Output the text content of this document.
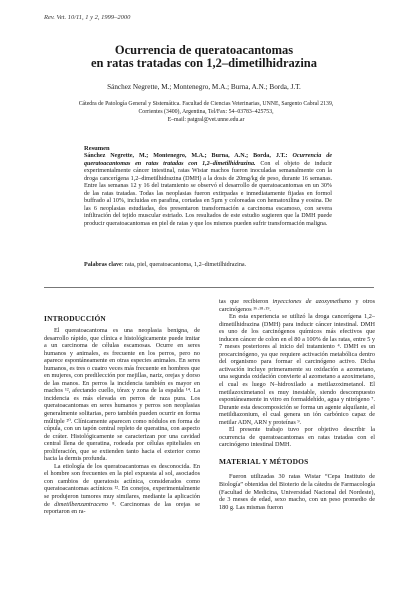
Rev. Vet. 10/11, 1 y 2, 1999–2000
Ocurrencia de queratoacantomas
en ratas tratadas con 1,2–dimetilhidrazina
Sánchez Negrette, M.; Montenegro, M.A.; Burna, A.N.; Borda, J.T.
Cátedra de Patología General y Sistemática. Facultad de Ciencias Veterinarias, UNNE, Sargento Cabral 2139,
Corrientes (3400), Argentina, Tel/Fax: 54–03783–425753,
E–mail: patgral@vet.unne.edu.ar
Resumen
Sánchez Negrette, M.; Montenegro, M.A.; Burna, A.N.; Borda, J.T.: Ocurrencia de queratoacantomas en ratas tratadas con 1,2–dimetilhidrazina. Con el objeto de inducir experimentalmente cáncer intestinal, ratas Wistar machos fueron inoculadas semanalmente con la droga cancerígena 1,2–dimetilhidrazina (DMH) a la dosis de 20mg/kg de peso, durante 16 semanas. Entre las semanas 12 y 16 del tratamiento se observó el desarrollo de queratoacantomas en un 30% de las ratas tratadas. Todas las neoplasias fueron extirpadas e inmediatamente fijadas en formol buffrado al 10%, incluidas en parafina, cortadas en 5µm y coloreadas con hematoxilina y eosina. De las 6 neoplasias estudiadas, dos presentaron transformación a carcinoma escamoso, con severa infiltración del tejido muscular estriado. Los resultados de este estudio sugieren que la DMH puede producir queratoacantomas en piel de ratas y que los mismos pueden sufrir transformación maligna.
Palabras clave: rata, piel, queratoacantoma, 1,2–dimetilhidrazina.
INTRODUCCIÓN

El queratoacantoma es una neoplasia benigna, de desarrollo rápido, que clínica e histológicamente puede imitar a un carcinoma de células escamosas. Ocurre en seres humanos y animales, es frecuente en los perros, pero no aparece espontáneamente en otras especies animales. En seres humanos, es tres o cuatro veces más frecuente en hombres que en mujeres, con predilección por mejillas, nariz, orejas y dorso de las manos. En perros la incidencia también es mayor en machos ¹², afectando cuello, tórax y zona de la espalda ¹⁴. La incidencia es más elevada en perros de raza pura. Los queratoacantomas en seres humanos y perros son neoplasias generalmente solitarias, pero también pueden ocurrir en forma múltiple ²⁰. Clínicamente aparecen como nódulos en forma de cúpula, con un tapón central repleto de queratina, con aspecto de cráter. Histológicamente se caracterizan por una cavidad central llena de queratina, rodeada por células epiteliales en proliferación, que se extienden tanto hacia el exterior como hacia la dermis profunda.

La etiología de los queratoacantomas es desconocida. En el hombre son frecuentes en la piel expuesta al sol, asociados con cambios de queratosis actínica, considerados como queratoacantomas actínicos ¹². En conejos, experimentalmente se produjeron tumores muy similares, mediante la aplicación de dimetilbenzantraceno ⁸. Carcinomas de las orejas se reportaron en ra-

tas que recibieron inyecciones de azoxymethano y otros carcinógenos ¹⁶·¹⁸·¹⁹.

En esta experiencia se utilizó la droga cancerígena 1,2–dimetilhidrazina (DMH) para inducir cáncer intestinal. DMH es uno de los carcinógenos químicos más efectivos que inducen cáncer de colon en el 80 a 100% de las ratas, entre 5 y 7 meses posteriores al inicio del tratamiento ⁴. DMH es un procarcinógeno, ya que requiere activación metabólica dentro del organismo para formar el carcinógeno activo. Dicha activación incluye primeramente su oxidación a azometano, una segunda oxidación convierte al azometano a azoximetano, el cual es luego N–hidroxilado a metilazoximetanol. El metilazoximetanol es muy inestable, siendo descompuesto espontáneamente in vitro en formaldehído, agua y nitrógeno ⁷. Durante esta descomposición se forma un agente alquilante, el metildiazonium, el cual genera un ión carbónico capaz de metilar ADN, ARN y proteínas ⁹.

El presente trabajo tuvo por objetivo describir la ocurrencia de queratoacantomas en ratas tratadas con el carcinógeno intestinal DMH.

MATERIAL Y MÉTODOS

Fueron utilizadas 30 ratas Wistar “Cepa Instituto de Biología” obtenidas del Bioterio de la cátedra de Farmacología (Facultad de Medicina, Universidad Nacional del Nordeste), de 3 meses de edad, sexo macho, con un peso promedio de 180 g. Las mismas fueron
